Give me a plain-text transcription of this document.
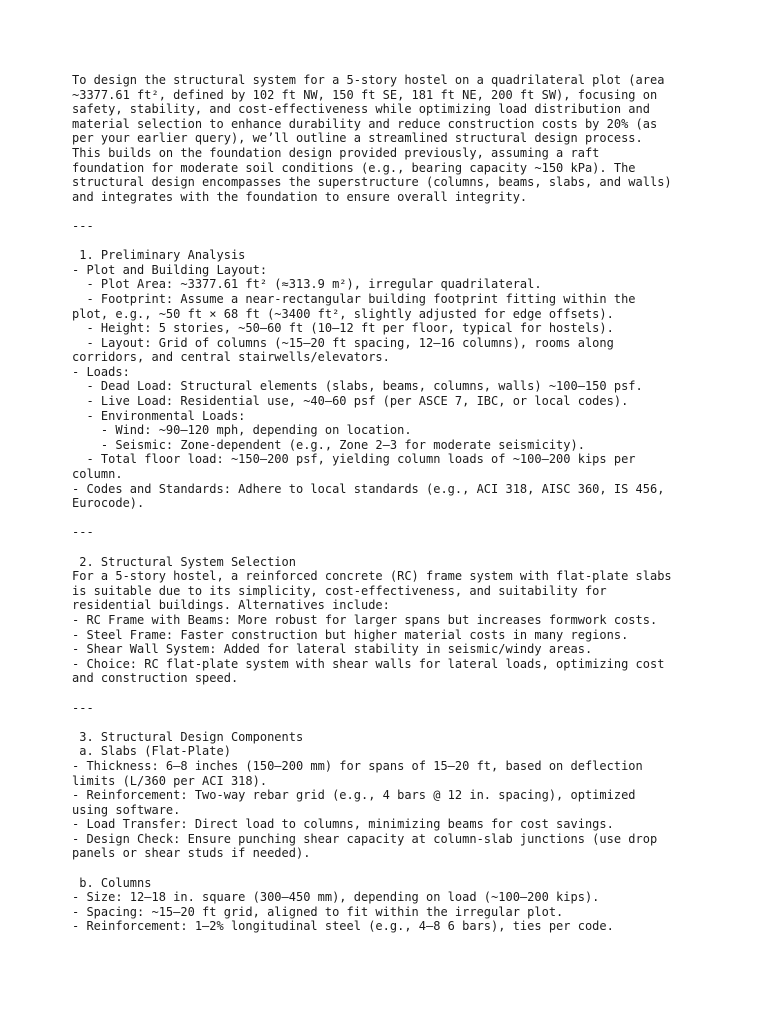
To design the structural system for a 5-story hostel on a quadrilateral plot (area
~3377.61 ft², defined by 102 ft NW, 150 ft SE, 181 ft NE, 200 ft SW), focusing on
safety, stability, and cost-effectiveness while optimizing load distribution and
material selection to enhance durability and reduce construction costs by 20% (as
per your earlier query), we’ll outline a streamlined structural design process.
This builds on the foundation design provided previously, assuming a raft
foundation for moderate soil conditions (e.g., bearing capacity ~150 kPa). The
structural design encompasses the superstructure (columns, beams, slabs, and walls)
and integrates with the foundation to ensure overall integrity.

---

1. Preliminary Analysis
- Plot and Building Layout:
- Plot Area: ~3377.61 ft² (≈313.9 m²), irregular quadrilateral.
- Footprint: Assume a near-rectangular building footprint fitting within the
plot, e.g., ~50 ft × 68 ft (~3400 ft², slightly adjusted for edge offsets).
- Height: 5 stories, ~50–60 ft (10–12 ft per floor, typical for hostels).
- Layout: Grid of columns (~15–20 ft spacing, 12–16 columns), rooms along
corridors, and central stairwells/elevators.
- Loads:
- Dead Load: Structural elements (slabs, beams, columns, walls) ~100–150 psf.
- Live Load: Residential use, ~40–60 psf (per ASCE 7, IBC, or local codes).
- Environmental Loads:
- Wind: ~90–120 mph, depending on location.
- Seismic: Zone-dependent (e.g., Zone 2–3 for moderate seismicity).
- Total floor load: ~150–200 psf, yielding column loads of ~100–200 kips per
column.
- Codes and Standards: Adhere to local standards (e.g., ACI 318, AISC 360, IS 456,
Eurocode).

---

2. Structural System Selection
For a 5-story hostel, a reinforced concrete (RC) frame system with flat-plate slabs
is suitable due to its simplicity, cost-effectiveness, and suitability for
residential buildings. Alternatives include:
- RC Frame with Beams: More robust for larger spans but increases formwork costs.
- Steel Frame: Faster construction but higher material costs in many regions.
- Shear Wall System: Added for lateral stability in seismic/windy areas.
- Choice: RC flat-plate system with shear walls for lateral loads, optimizing cost
and construction speed.

---

3. Structural Design Components
a. Slabs (Flat-Plate)
- Thickness: 6–8 inches (150–200 mm) for spans of 15–20 ft, based on deflection
limits (L/360 per ACI 318).
- Reinforcement: Two-way rebar grid (e.g., 4 bars @ 12 in. spacing), optimized
using software.
- Load Transfer: Direct load to columns, minimizing beams for cost savings.
- Design Check: Ensure punching shear capacity at column-slab junctions (use drop
panels or shear studs if needed).

b. Columns
- Size: 12–18 in. square (300–450 mm), depending on load (~100–200 kips).
- Spacing: ~15–20 ft grid, aligned to fit within the irregular plot.
- Reinforcement: 1–2% longitudinal steel (e.g., 4–8 6 bars), ties per code.
